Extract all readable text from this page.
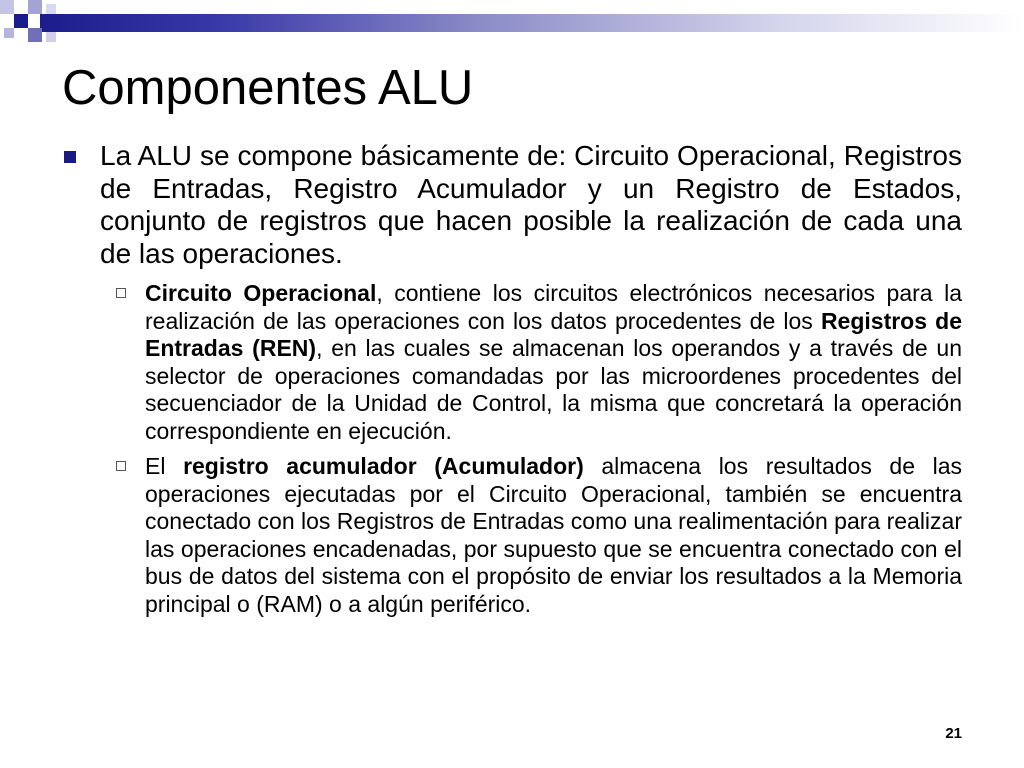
Componentes ALU
La ALU se compone básicamente de: Circuito Operacional, Registros de Entradas, Registro Acumulador y un Registro de Estados, conjunto de registros que hacen posible la realización de cada una de las operaciones.
Circuito Operacional, contiene los circuitos electrónicos necesarios para la realización de las operaciones con los datos procedentes de los Registros de Entradas (REN), en las cuales se almacenan los operandos y a través de un selector de operaciones comandadas por las microordenes procedentes del secuenciador de la Unidad de Control, la misma que concretará la operación correspondiente en ejecución.
El registro acumulador (Acumulador) almacena los resultados de las operaciones ejecutadas por el Circuito Operacional, también se encuentra conectado con los Registros de Entradas como una realimentación para realizar las operaciones encadenadas, por supuesto que se encuentra conectado con el bus de datos del sistema con el propósito de enviar los resultados a la Memoria principal o (RAM) o a algún periférico.
21
